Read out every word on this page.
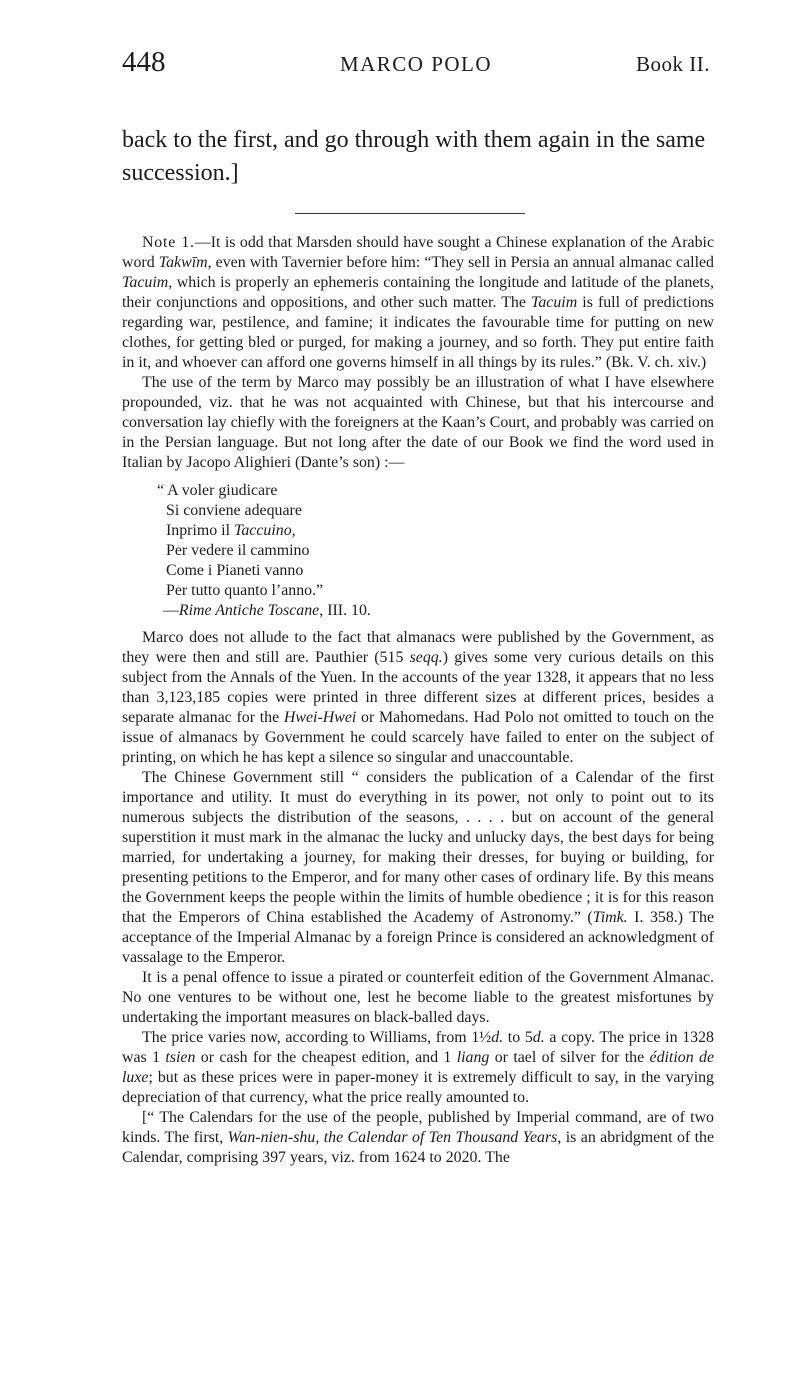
448	MARCO POLO	Book II.
back to the first, and go through with them again in the same succession.]

Note 1.—It is odd that Marsden should have sought a Chinese explanation of the Arabic word Takwīm, even with Tavernier before him: “They sell in Persia an annual almanac called Tacuim, which is properly an ephemeris containing the longitude and latitude of the planets, their conjunctions and oppositions, and other such matter. The Tacuim is full of predictions regarding war, pestilence, and famine; it indicates the favourable time for putting on new clothes, for getting bled or purged, for making a journey, and so forth. They put entire faith in it, and whoever can afford one governs himself in all things by its rules.” (Bk. V. ch. xiv.)

The use of the term by Marco may possibly be an illustration of what I have elsewhere propounded, viz. that he was not acquainted with Chinese, but that his intercourse and conversation lay chiefly with the foreigners at the Kaan’s Court, and probably was carried on in the Persian language. But not long after the date of our Book we find the word used in Italian by Jacopo Alighieri (Dante’s son) :—

“ A voler giudicare
Si conviene adequare
Inprimo il Taccuino,
Per vedere il cammino
Come i Pianeti vanno
Per tutto quanto l’anno.”
—Rime Antiche Toscane, III. 10.

Marco does not allude to the fact that almanacs were published by the Government, as they were then and still are. Pauthier (515 seqq.) gives some very curious details on this subject from the Annals of the Yuen. In the accounts of the year 1328, it appears that no less than 3,123,185 copies were printed in three different sizes at different prices, besides a separate almanac for the Hwei-Hwei or Mahomedans. Had Polo not omitted to touch on the issue of almanacs by Government he could scarcely have failed to enter on the subject of printing, on which he has kept a silence so singular and unaccountable.

The Chinese Government still “ considers the publication of a Calendar of the first importance and utility. It must do everything in its power, not only to point out to its numerous subjects the distribution of the seasons, . . . . but on account of the general superstition it must mark in the almanac the lucky and unlucky days, the best days for being married, for undertaking a journey, for making their dresses, for buying or building, for presenting petitions to the Emperor, and for many other cases of ordinary life. By this means the Government keeps the people within the limits of humble obedience ; it is for this reason that the Emperors of China established the Academy of Astronomy.” (Timk. I. 358.) The acceptance of the Imperial Almanac by a foreign Prince is considered an acknowledgment of vassalage to the Emperor.

It is a penal offence to issue a pirated or counterfeit edition of the Government Almanac. No one ventures to be without one, lest he become liable to the greatest misfortunes by undertaking the important measures on black-balled days.

The price varies now, according to Williams, from 1½d. to 5d. a copy. The price in 1328 was 1 tsien or cash for the cheapest edition, and 1 liang or tael of silver for the édition de luxe; but as these prices were in paper-money it is extremely difficult to say, in the varying depreciation of that currency, what the price really amounted to.

[“ The Calendars for the use of the people, published by Imperial command, are of two kinds. The first, Wan-nien-shu, the Calendar of Ten Thousand Years, is an abridgment of the Calendar, comprising 397 years, viz. from 1624 to 2020. The
